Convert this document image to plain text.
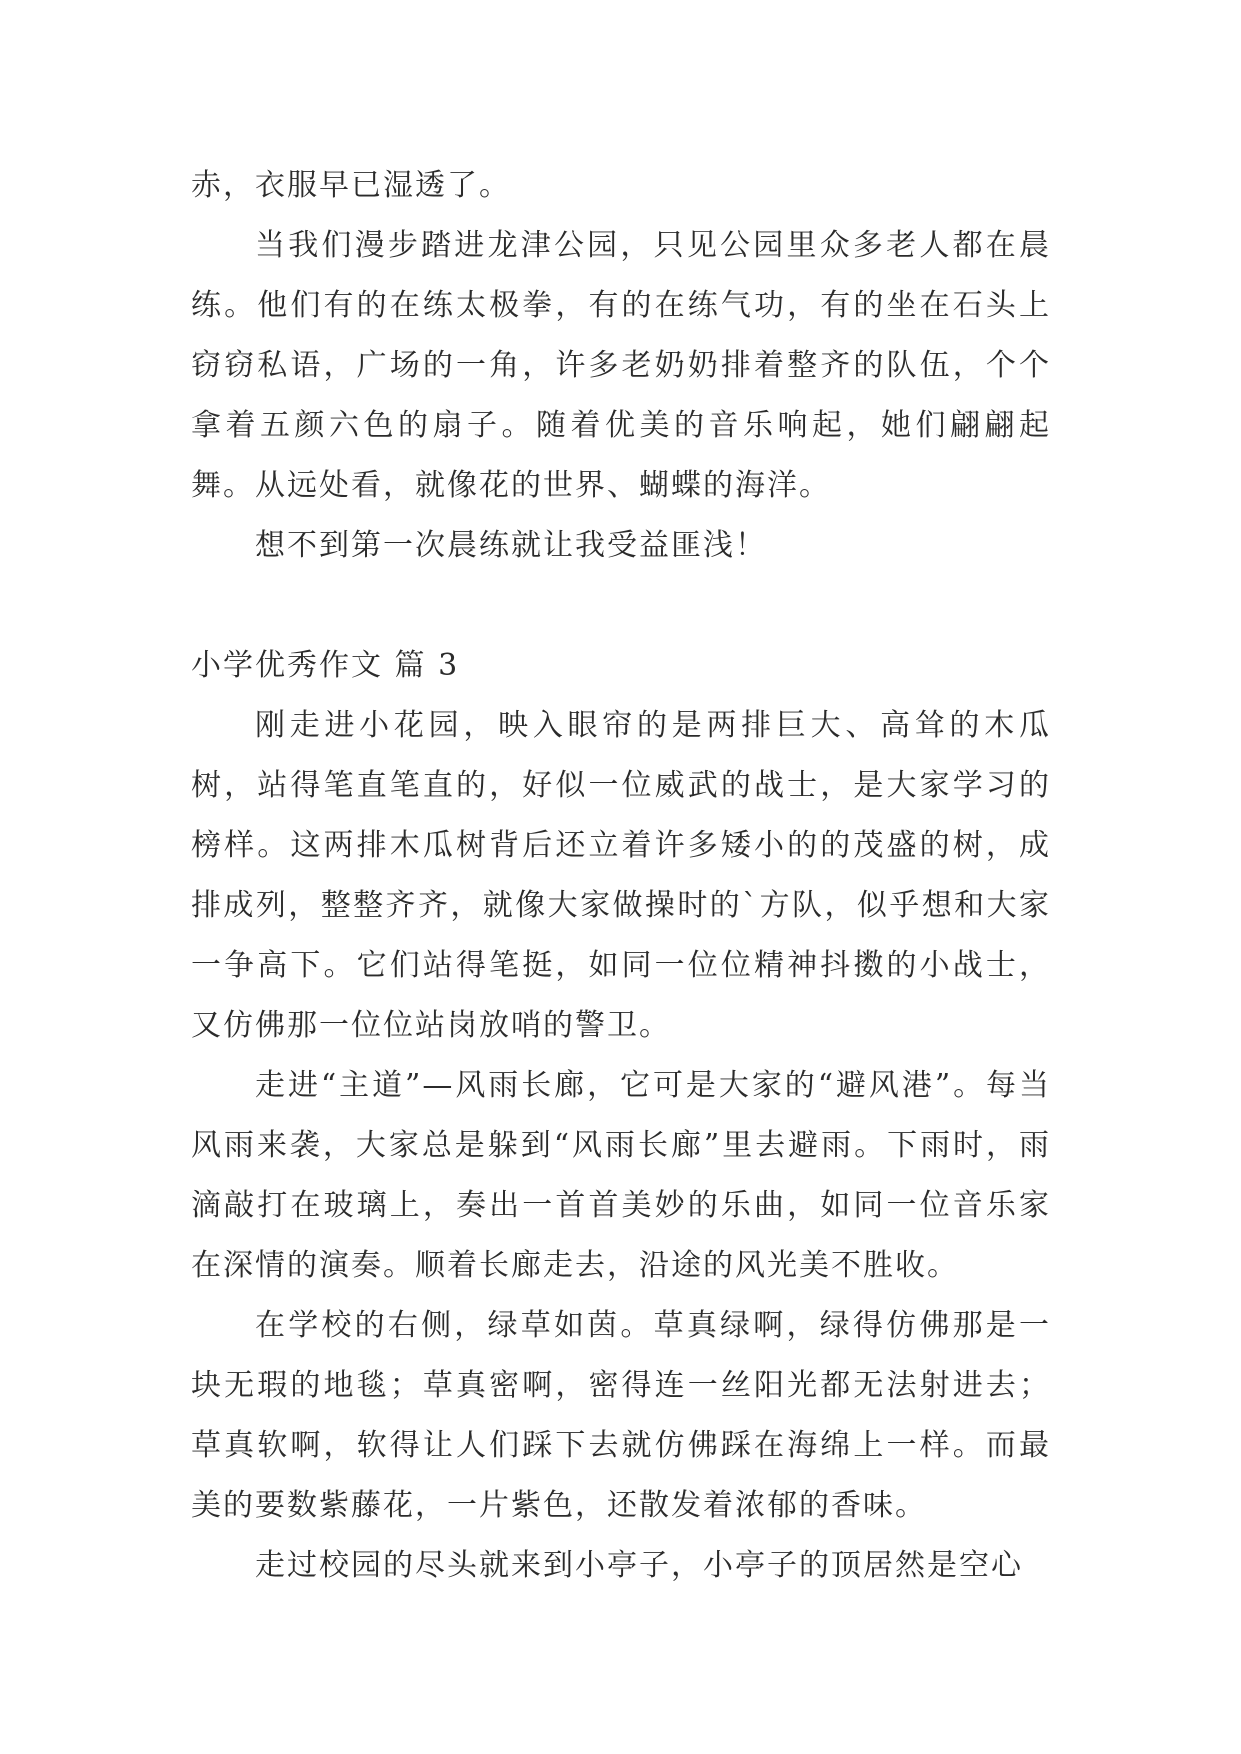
赤，衣服早已湿透了。

当我们漫步踏进龙津公园，只见公园里众多老人都在晨练。他们有的在练太极拳，有的在练气功，有的坐在石头上窃窃私语，广场的一角，许多老奶奶排着整齐的队伍，个个拿着五颜六色的扇子。随着优美的音乐响起，她们翩翩起舞。从远处看，就像花的世界、蝴蝶的海洋。

想不到第一次晨练就让我受益匪浅！

小学优秀作文 篇 3

刚走进小花园，映入眼帘的是两排巨大、高耸的木瓜树，站得笔直笔直的，好似一位威武的战士，是大家学习的榜样。这两排木瓜树背后还立着许多矮小的的茂盛的树，成排成列，整整齐齐，就像大家做操时的`方队，似乎想和大家一争高下。它们站得笔挺，如同一位位精神抖擞的小战士，又仿佛那一位位站岗放哨的警卫。

走进“主道”—风雨长廊，它可是大家的“避风港”。每当风雨来袭，大家总是躲到“风雨长廊”里去避雨。下雨时，雨滴敲打在玻璃上，奏出一首首美妙的乐曲，如同一位音乐家在深情的演奏。顺着长廊走去，沿途的风光美不胜收。

在学校的右侧，绿草如茵。草真绿啊，绿得仿佛那是一块无瑕的地毯；草真密啊，密得连一丝阳光都无法射进去；草真软啊，软得让人们踩下去就仿佛踩在海绵上一样。而最美的要数紫藤花，一片紫色，还散发着浓郁的香味。

走过校园的尽头就来到小亭子，小亭子的顶居然是空心
